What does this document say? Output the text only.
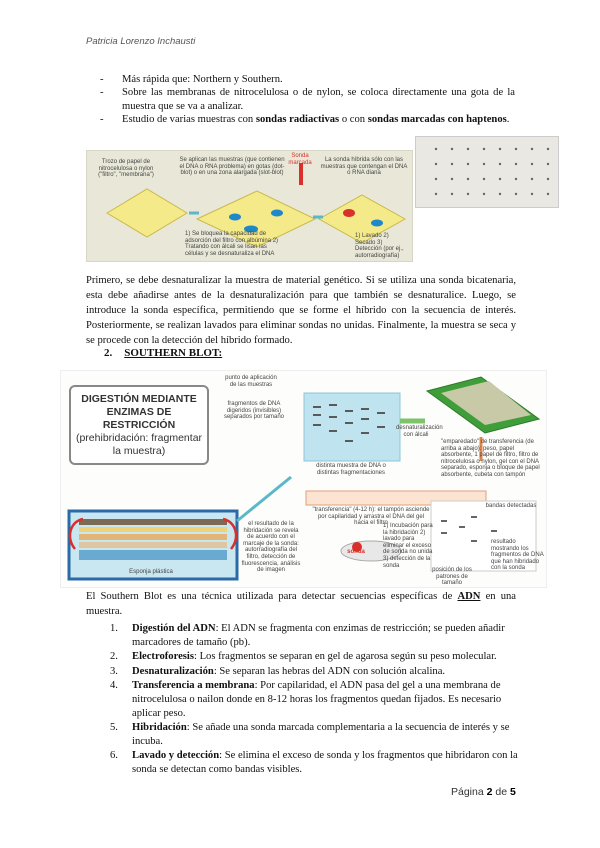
Patricia Lorenzo Inchausti
- Más rápida que: Northern y Southern.
- Sobre las membranas de nitrocelulosa o de nylon, se coloca directamente una gota de la muestra que se va a analizar.
- Estudio de varias muestras con sondas radiactivas o con sondas marcadas con haptenos.
Trozo de papel de nitrocelulosa o nylon ("filtro", "membrana")
Se aplican las muestras (que contienen el DNA o RNA problema) en gotas (dot-blot) o en una zona alargada (slot-blot)
Sonda marcada	La sonda híbrida sólo con las muestras que contengan el DNA o RNA diana
1) Se bloquea la capacidad de adsorción del filtro con albúmina 2) Tratando con álcali se lisan las células y se desnaturaliza el DNA
1) Lavado 2) Secado 3) Detección (por ej., autorradiografía)
Primero, se debe desnaturalizar la muestra de material genético. Si se utiliza una sonda bicatenaria, esta debe añadirse antes de la desnaturalización para que también se desnaturalice. Luego, se introduce la sonda específica, permitiendo que se forme el híbrido con la secuencia de interés. Posteriormente, se realizan lavados para eliminar sondas no unidas. Finalmente, la muestra se seca y se procede con la detección del híbrido formado.
2. SOUTHERN BLOT:
DIGESTIÓN MEDIANTE ENZIMAS DE RESTRICCIÓN
(prehibridación: fragmentar la muestra)
punto de aplicación de las muestras
fragmentos de DNA digeridos (invisibles) separados por tamaño
distinta muestra de DNA o distintas fragmentaciones
desnaturalización con álcali
"emparedado" de transferencia (de arriba a abajo): peso, papel absorbente, 1 papel de filtro, filtro de nitrocelulosa o nylon, gel con el DNA separado, esponja o bloque de papel absorbente, cubeta con tampón
"transferencia" (4-12 h): el tampón asciende por capilaridad y arrastra el DNA del gel hacia el filtro
sonda
el resultado de la hibridación se revela de acuerdo con el marcaje de la sonda: autorradiografía del filtro, detección de fluorescencia, análisis de imagen
1) Incubación para la hibridación 2) lavado para eliminar el exceso de sonda no unida 3) detección de la sonda
bandas detectadas
resultado mostrando los fragmentos de DNA que han hibridado con la sonda
posición de los patrones de tamaño
Esponja plástica
El Southern Blot es una técnica utilizada para detectar secuencias específicas de ADN en una muestra.
1. Digestión del ADN: El ADN se fragmenta con enzimas de restricción; se pueden añadir marcadores de tamaño (pb).
2. Electroforesis: Los fragmentos se separan en gel de agarosa según su peso molecular.
3. Desnaturalización: Se separan las hebras del ADN con solución alcalina.
4. Transferencia a membrana: Por capilaridad, el ADN pasa del gel a una membrana de nitrocelulosa o nailon donde en 8-12 horas los fragmentos quedan fijados. Es necesario aplicar peso.
5. Hibridación: Se añade una sonda marcada complementaria a la secuencia de interés y se incuba.
6. Lavado y detección: Se elimina el exceso de sonda y los fragmentos que hibridaron con la sonda se detectan como bandas visibles.
Página 2 de 5
